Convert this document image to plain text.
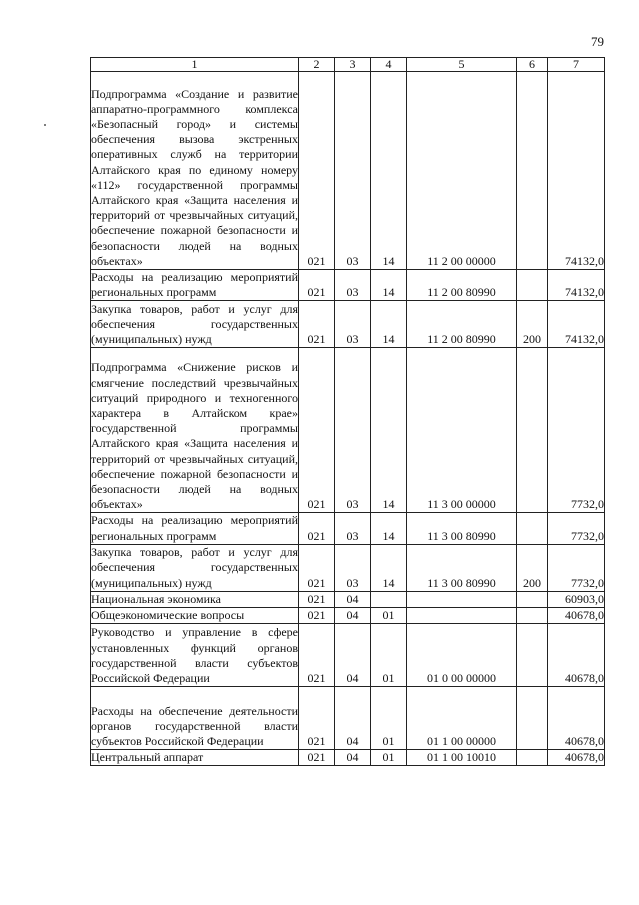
79
1	2	3	4	5	6	7
Подпрограмма «Создание и развитие аппаратно-программного комплекса «Безопасный город» и системы обеспечения вызова экстренных оперативных служб на территории Алтайского края по единому номеру «112» государственной программы Алтайского края «Защита населения и территорий от чрезвычайных ситуаций, обеспечение пожарной безопасности и безопасности людей на водных объектах»	021	03	14	11 2 00 00000		74132,0
Расходы на реализацию мероприятий региональных программ	021	03	14	11 2 00 80990		74132,0
Закупка товаров, работ и услуг для обеспечения государственных (муниципальных) нужд	021	03	14	11 2 00 80990	200	74132,0
Подпрограмма «Снижение рисков и смягчение последствий чрезвычайных ситуаций природного и техногенного характера в Алтайском крае» государственной программы Алтайского края «Защита населения и территорий от чрезвычайных ситуаций, обеспечение пожарной безопасности и безопасности людей на водных объектах»	021	03	14	11 3 00 00000		7732,0
Расходы на реализацию мероприятий региональных программ	021	03	14	11 3 00 80990		7732,0
Закупка товаров, работ и услуг для обеспечения государственных (муниципальных) нужд	021	03	14	11 3 00 80990	200	7732,0
Национальная экономика	021	04				60903,0
Общеэкономические вопросы	021	04	01			40678,0
Руководство и управление в сфере установленных функций органов государственной власти субъектов Российской Федерации	021	04	01	01 0 00 00000		40678,0
Расходы на обеспечение деятельности органов государственной власти субъектов Российской Федерации	021	04	01	01 1 00 00000		40678,0
Центральный аппарат	021	04	01	01 1 00 10010		40678,0
